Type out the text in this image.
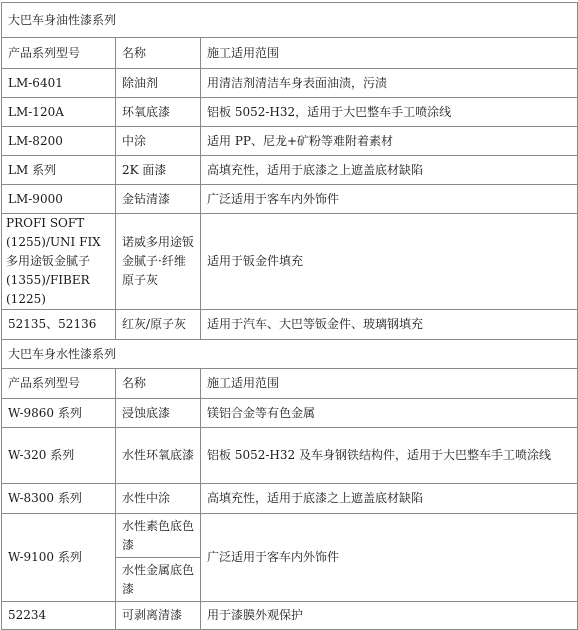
大巴车身油性漆系列		
产品系列型号	名称	施工适用范围
LM-6401	除油剂	用清洁剂清洁车身表面油渍，污渍
LM-120A	环氧底漆	铝板 5052-H32，适用于大巴整车手工喷涂线
LM-8200	中涂	适用 PP、尼龙+矿粉等难附着素材
LM 系列	2K 面漆	高填充性，适用于底漆之上遮盖底材缺陷
LM-9000	金钻清漆	广泛适用于客车内外饰件
PROFI SOFT (1255)/UNI FIX 多用途钣金腻子 (1355)/FIBER (1225)	诺威多用途钣金腻子·纤维原子灰	适用于钣金件填充
52135、52136	红灰/原子灰	适用于汽车、大巴等钣金件、玻璃钢填充
大巴车身水性漆系列		
产品系列型号	名称	施工适用范围
W-9860 系列	浸蚀底漆	镁铝合金等有色金属
W-320 系列	水性环氧底漆	铝板 5052-H32 及车身钢铁结构件，适用于大巴整车手工喷涂线
W-8300 系列	水性中涂	高填充性，适用于底漆之上遮盖底材缺陷
W-9100 系列	水性素色底色漆	广泛适用于客车内外饰件
	水性金属底色漆	
52234	可剥离清漆	用于漆膜外观保护
